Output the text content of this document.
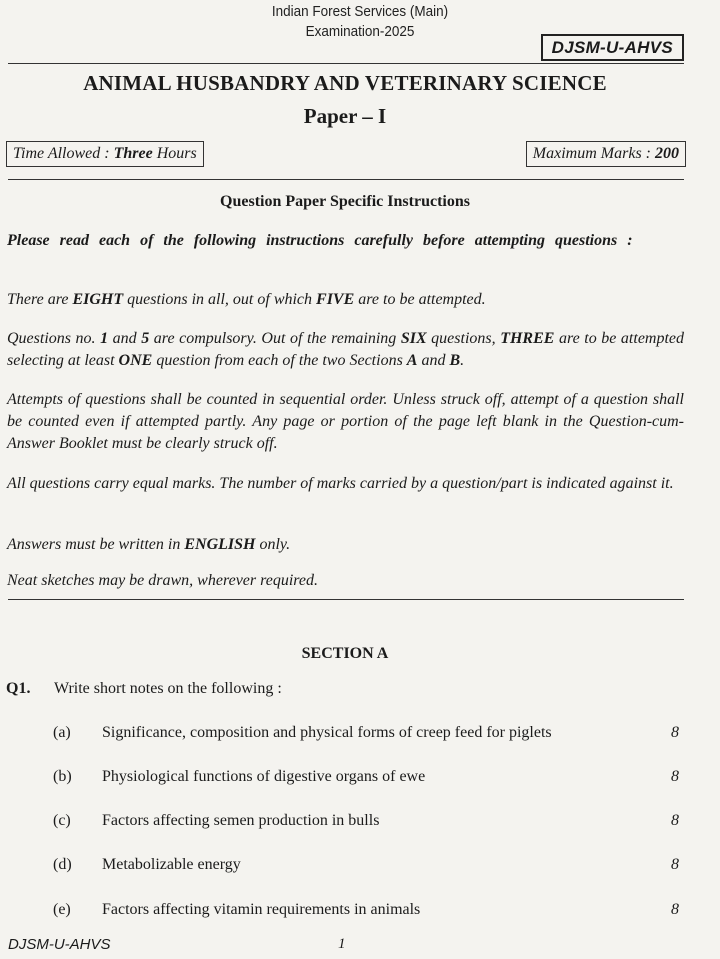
Indian Forest Services (Main)
Examination-2025
DJSM-U-AHVS
ANIMAL HUSBANDRY AND VETERINARY SCIENCE
Paper – I
Time Allowed : Three Hours	Maximum Marks : 200
Question Paper Specific Instructions
Please read each of the following instructions carefully before attempting questions :
There are EIGHT questions in all, out of which FIVE are to be attempted.
Questions no. 1 and 5 are compulsory. Out of the remaining SIX questions, THREE are to be attempted selecting at least ONE question from each of the two Sections A and B.
Attempts of questions shall be counted in sequential order. Unless struck off, attempt of a question shall be counted even if attempted partly. Any page or portion of the page left blank in the Question-cum-Answer Booklet must be clearly struck off.
All questions carry equal marks. The number of marks carried by a question/part is indicated against it.
Answers must be written in ENGLISH only.
Neat sketches may be drawn, wherever required.
SECTION A
Q1. Write short notes on the following :
(a) Significance, composition and physical forms of creep feed for piglets	8
(b) Physiological functions of digestive organs of ewe	8
(c) Factors affecting semen production in bulls	8
(d) Metabolizable energy	8
(e) Factors affecting vitamin requirements in animals	8
DJSM-U-AHVS	1
